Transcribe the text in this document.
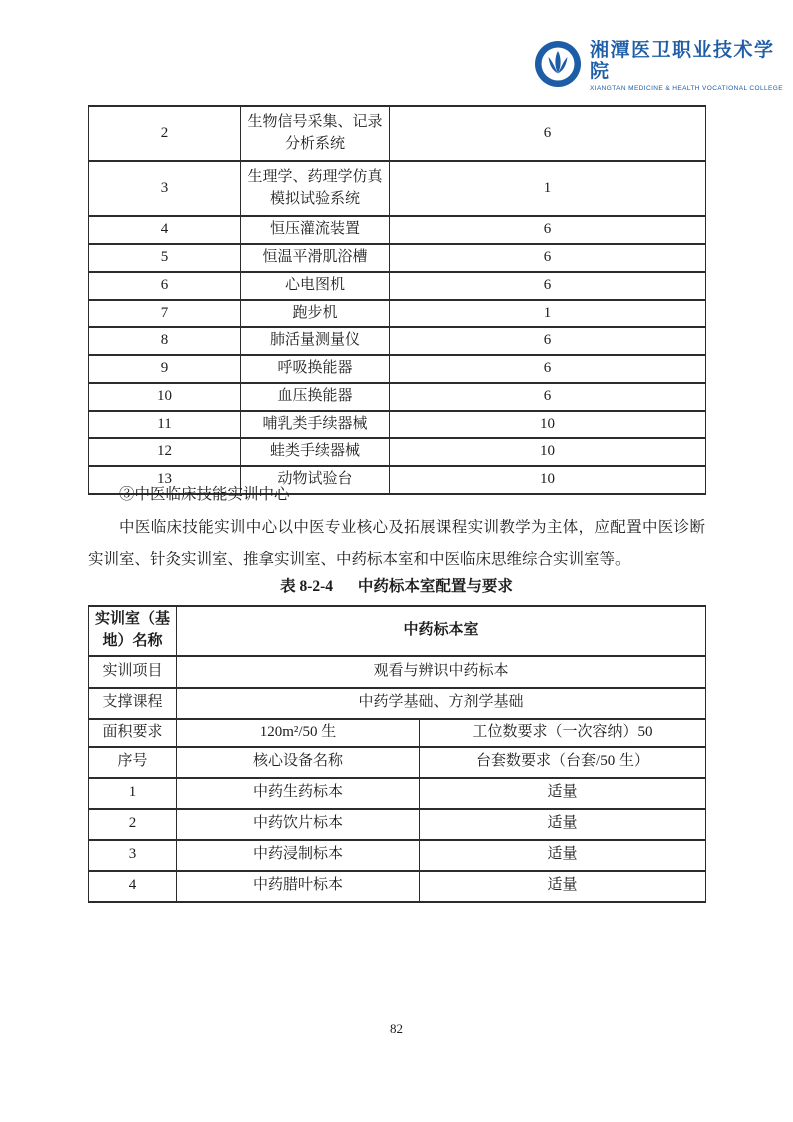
湘潭医卫职业技术学院
XIANGTAN MEDICINE & HEALTH VOCATIONAL COLLEGE
2	生物信号采集、记录分析系统	6
3	生理学、药理学仿真模拟试验系统	1
4	恒压灌流装置	6
5	恒温平滑肌浴槽	6
6	心电图机	6
7	跑步机	1
8	肺活量测量仪	6
9	呼吸换能器	6
10	血压换能器	6
11	哺乳类手续器械	10
12	蛙类手续器械	10
13	动物试验台	10
③中医临床技能实训中心

中医临床技能实训中心以中医专业核心及拓展课程实训教学为主体，应配置中医诊断实训室、针灸实训室、推拿实训室、中药标本室和中医临床思维综合实训室等。

表 8-2-4 中药标本室配置与要求
实训室（基地）名称	中药标本室	
实训项目	观看与辨识中药标本	
支撑课程	中药学基础、方剂学基础	
面积要求	120m²/50 生	工位数要求（一次容纳）50
序号	核心设备名称	台套数要求（台套/50 生）
1	中药生药标本	适量
2	中药饮片标本	适量
3	中药浸制标本	适量
4	中药腊叶标本	适量
82
